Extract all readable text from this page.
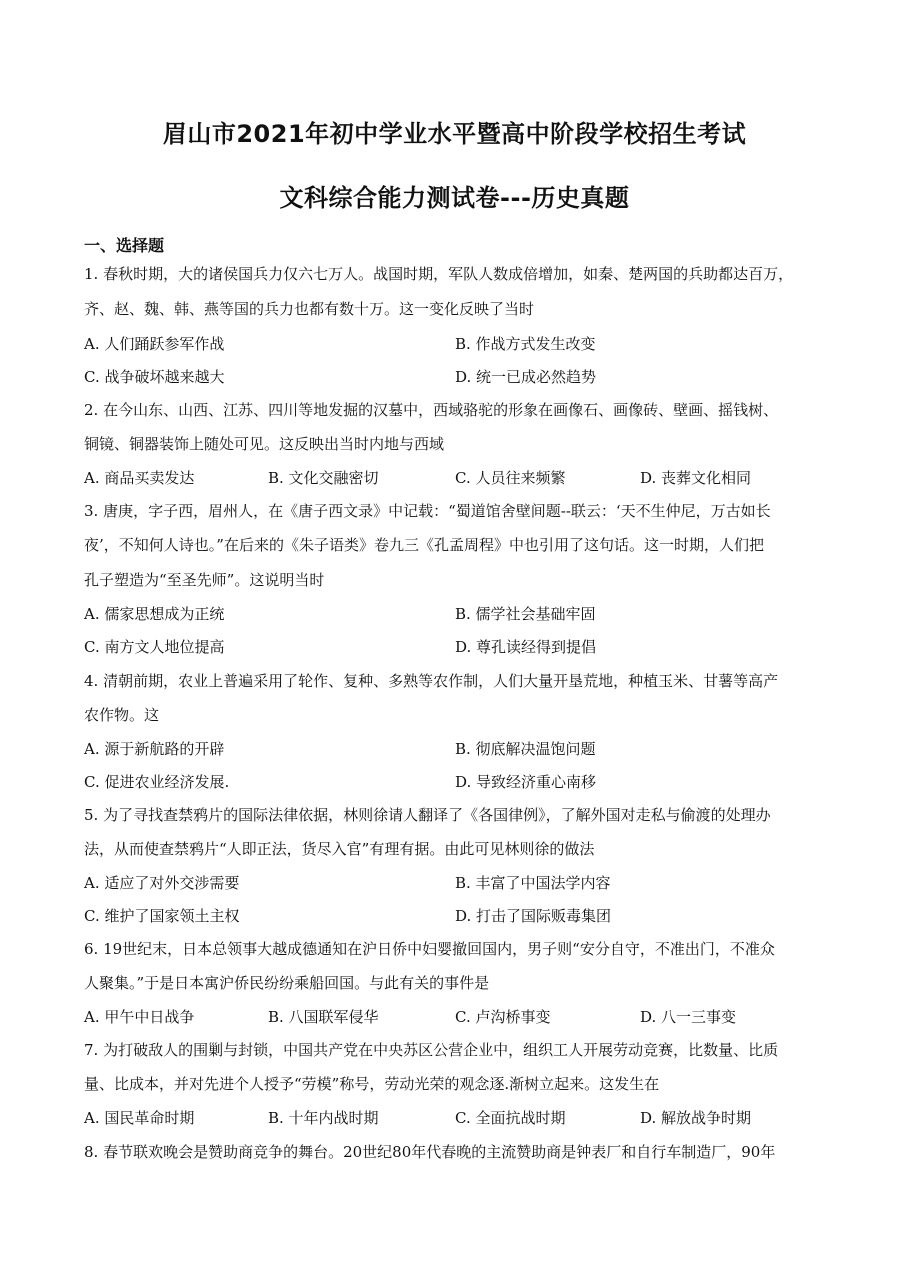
眉山市2021年初中学业水平暨高中阶段学校招生考试
文科综合能力测试卷---历史真题
一、选择题
1. 春秋时期，大的诸侯国兵力仅六七万人。战国时期，军队人数成倍增加，如秦、楚两国的兵助都达百万，
齐、赵、魏、韩、燕等国的兵力也都有数十万。这一变化反映了当时
A. 人们踊跃参军作战	B. 作战方式发生改变
C. 战争破坏越来越大	D. 统一已成必然趋势
2. 在今山东、山西、江苏、四川等地发掘的汉墓中，西域骆驼的形象在画像石、画像砖、壁画、摇钱树、
铜镜、铜器装饰上随处可见。这反映出当时内地与西域
A. 商品买卖发达	B. 文化交融密切	C. 人员往来频繁	D. 丧葬文化相同
3. 唐庚，字子西，眉州人，在《唐子西文录》中记载：“蜀道馆舍壁间题--联云：‘天不生仲尼，万古如长
夜’，不知何人诗也。”在后来的《朱子语类》卷九三《孔孟周程》中也引用了这句话。这一时期，人们把
孔子塑造为“至圣先师”。这说明当时
A. 儒家思想成为正统	B. 儒学社会基础牢固
C. 南方文人地位提高	D. 尊孔读经得到提倡
4. 清朝前期，农业上普遍采用了轮作、复种、多熟等农作制，人们大量开垦荒地，种植玉米、甘薯等高产
农作物。这
A. 源于新航路的开辟	B. 彻底解决温饱问题
C. 促进农业经济发展.	D. 导致经济重心南移
5. 为了寻找查禁鸦片的国际法律依据，林则徐请人翻译了《各国律例》，了解外国对走私与偷渡的处理办
法，从而使查禁鸦片“人即正法，货尽入官”有理有据。由此可见林则徐的做法
A. 适应了对外交涉需要	B. 丰富了中国法学内容
C. 维护了国家领土主权	D. 打击了国际贩毒集团
6. 19世纪末，日本总领事大越成德通知在沪日侨中妇婴撤回国内，男子则“安分自守，不准出门，不准众
人聚集。”于是日本寓沪侨民纷纷乘船回国。与此有关的事件是
A. 甲午中日战争	B. 八国联军侵华	C. 卢沟桥事变	D. 八一三事变
7. 为打破敌人的围剿与封锁，中国共产党在中央苏区公营企业中，组织工人开展劳动竞赛，比数量、比质
量、比成本，并对先进个人授予“劳模”称号，劳动光荣的观念逐.渐树立起来。这发生在
A. 国民革命时期	B. 十年内战时期	C. 全面抗战时期	D. 解放战争时期
8. 春节联欢晚会是赞助商竞争的舞台。20世纪80年代春晚的主流赞助商是钟表厂和自行车制造厂，90年
